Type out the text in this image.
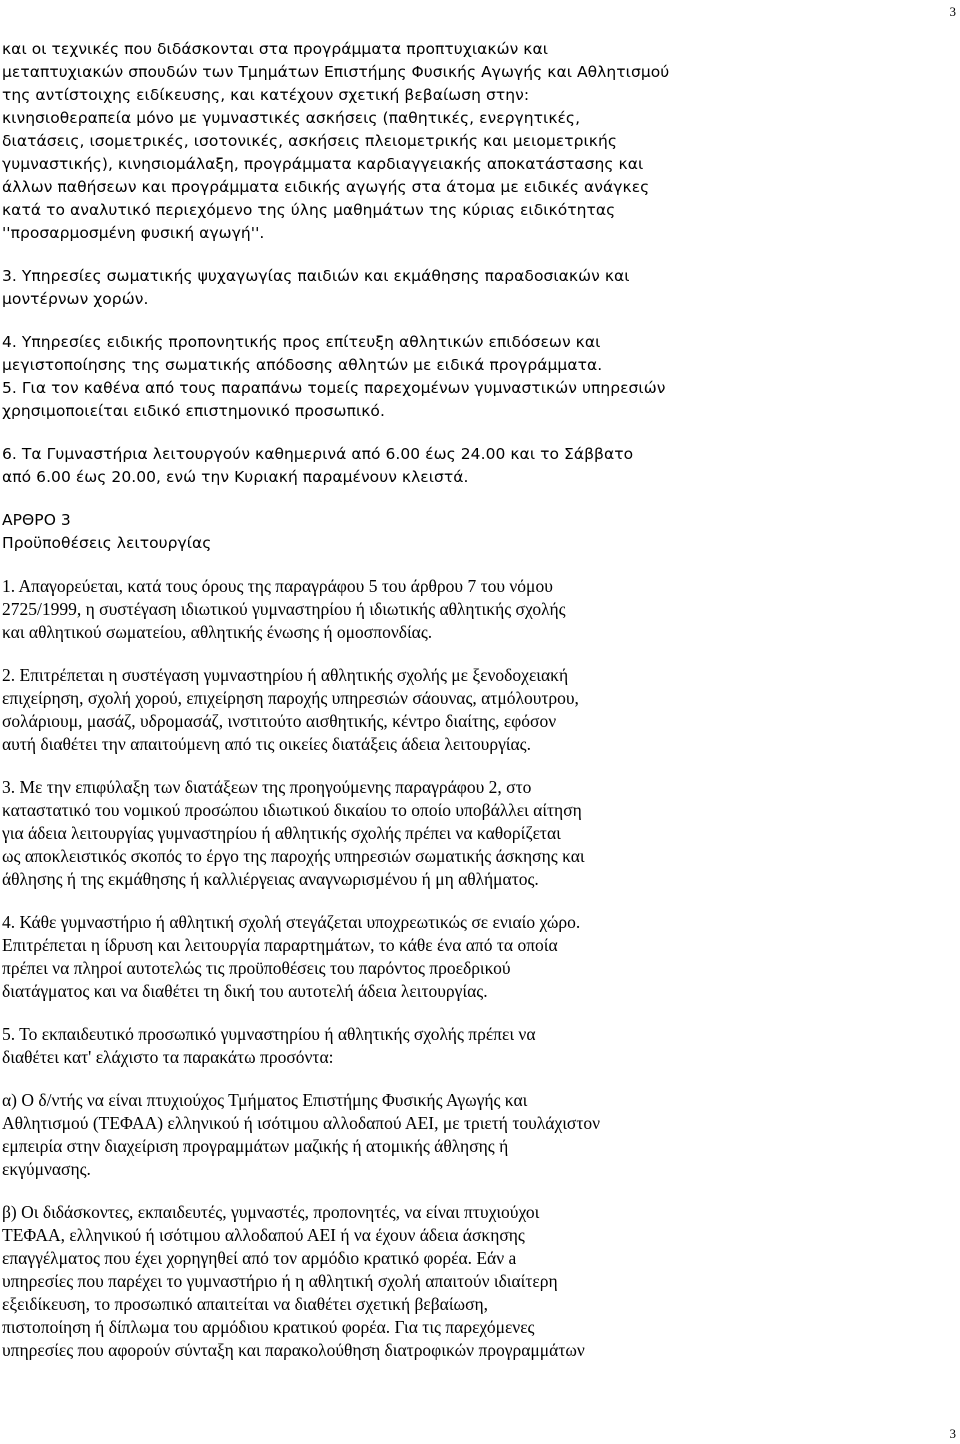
3
και οι τεχνικές που διδάσκονται στα προγράμματα προπτυχιακών και
μεταπτυχιακών σπουδών των Τμημάτων Επιστήμης Φυσικής Αγωγής και Αθλητισμού
της αντίστοιχης ειδίκευσης, και κατέχουν σχετική βεβαίωση στην:
κινησιοθεραπεία μόνο με γυμναστικές ασκήσεις (παθητικές, ενεργητικές,
διατάσεις, ισομετρικές, ισοτονικές, ασκήσεις πλειομετρικής και μειομετρικής
γυμναστικής), κινησιομάλαξη, προγράμματα καρδιαγγειακής αποκατάστασης και
άλλων παθήσεων και προγράμματα ειδικής αγωγής στα άτομα με ειδικές ανάγκες
κατά το αναλυτικό περιεχόμενο της ύλης μαθημάτων της κύριας ειδικότητας
''προσαρμοσμένη φυσική αγωγή''.
3. Υπηρεσίες σωματικής ψυχαγωγίας παιδιών και εκμάθησης παραδοσιακών και
μοντέρνων χορών.
4. Υπηρεσίες ειδικής προπονητικής προς επίτευξη αθλητικών επιδόσεων και
μεγιστοποίησης της σωματικής απόδοσης αθλητών με ειδικά προγράμματα.
5. Για τον καθένα από τους παραπάνω τομείς παρεχομένων γυμναστικών υπηρεσιών
χρησιμοποιείται ειδικό επιστημονικό προσωπικό.
6. Τα Γυμναστήρια λειτουργούν καθημερινά από 6.00 έως 24.00 και το Σάββατο
από 6.00 έως 20.00, ενώ την Κυριακή παραμένουν κλειστά.
ΑΡΘΡΟ 3
Προϋποθέσεις λειτουργίας
1. Απαγορεύεται, κατά τους όρους της παραγράφου 5 του άρθρου 7 του νόμου
2725/1999, η συστέγαση ιδιωτικού γυμναστηρίου ή ιδιωτικής αθλητικής σχολής
και αθλητικού σωματείου, αθλητικής ένωσης ή ομοσπονδίας.
2. Επιτρέπεται η συστέγαση γυμναστηρίου ή αθλητικής σχολής με ξενοδοχειακή
επιχείρηση, σχολή χορού, επιχείρηση παροχής υπηρεσιών σάουνας, ατμόλουτρου,
σολάριουμ, μασάζ, υδρομασάζ, ινστιτούτο αισθητικής, κέντρο διαίτης, εφόσον
αυτή διαθέτει την απαιτούμενη από τις οικείες διατάξεις άδεια λειτουργίας.
3. Με την επιφύλαξη των διατάξεων της προηγούμενης παραγράφου 2, στο
καταστατικό του νομικού προσώπου ιδιωτικού δικαίου το οποίο υποβάλλει αίτηση
για άδεια λειτουργίας γυμναστηρίου ή αθλητικής σχολής πρέπει να καθορίζεται
ως αποκλειστικός σκοπός το έργο της παροχής υπηρεσιών σωματικής άσκησης και
άθλησης ή της εκμάθησης ή καλλιέργειας αναγνωρισμένου ή μη αθλήματος.
4. Κάθε γυμναστήριο ή αθλητική σχολή στεγάζεται υποχρεωτικώς σε ενιαίο χώρο.
Επιτρέπεται η ίδρυση και λειτουργία παραρτημάτων, το κάθε ένα από τα οποία
πρέπει να πληροί αυτοτελώς τις προϋποθέσεις του παρόντος προεδρικού
διατάγματος και να διαθέτει τη δική του αυτοτελή άδεια λειτουργίας.
5. Το εκπαιδευτικό προσωπικό γυμναστηρίου ή αθλητικής σχολής πρέπει να
διαθέτει κατ' ελάχιστο τα παρακάτω προσόντα:
α) Ο δ/ντής να είναι πτυχιούχος Τμήματος Επιστήμης Φυσικής Αγωγής και
Αθλητισμού (ΤΕΦΑΑ) ελληνικού ή ισότιμου αλλοδαπού ΑΕΙ, με τριετή τουλάχιστον
εμπειρία στην διαχείριση προγραμμάτων μαζικής ή ατομικής άθλησης ή
εκγύμνασης.
β) Οι διδάσκοντες, εκπαιδευτές, γυμναστές, προπονητές, να είναι πτυχιούχοι
ΤΕΦΑΑ, ελληνικού ή ισότιμου αλλοδαπού ΑΕΙ ή να έχουν άδεια άσκησης
επαγγέλματος που έχει χορηγηθεί από τον αρμόδιο κρατικό φορέα. Εάν a
υπηρεσίες που παρέχει το γυμναστήριο ή η αθλητική σχολή απαιτούν ιδιαίτερη
εξειδίκευση, το προσωπικό απαιτείται να διαθέτει σχετική βεβαίωση,
πιστοποίηση ή δίπλωμα του αρμόδιου κρατικού φορέα. Για τις παρεχόμενες
υπηρεσίες που αφορούν σύνταξη και παρακολούθηση διατροφικών προγραμμάτων
3
